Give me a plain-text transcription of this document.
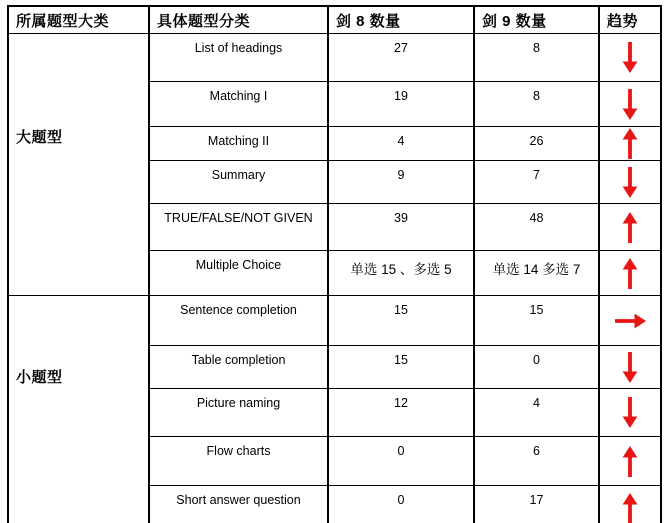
所属题型大类	具体题型分类	剑 8 数量	剑 9 数量	趋势
大题型	List of headings	27	8	

	Matching I	19	8	

	Matching II	4	26	

	Summary	9	7	

	TRUE/FALSE/NOT GIVEN	39	48	

	Multiple Choice	单选 15 、多选 5	单选 14 多选 7	

小题型	Sentence completion	15	15	

	Table completion	15	0	

	Picture naming	12	4	

	Flow charts	0	6	

	Short answer question	0	17	
